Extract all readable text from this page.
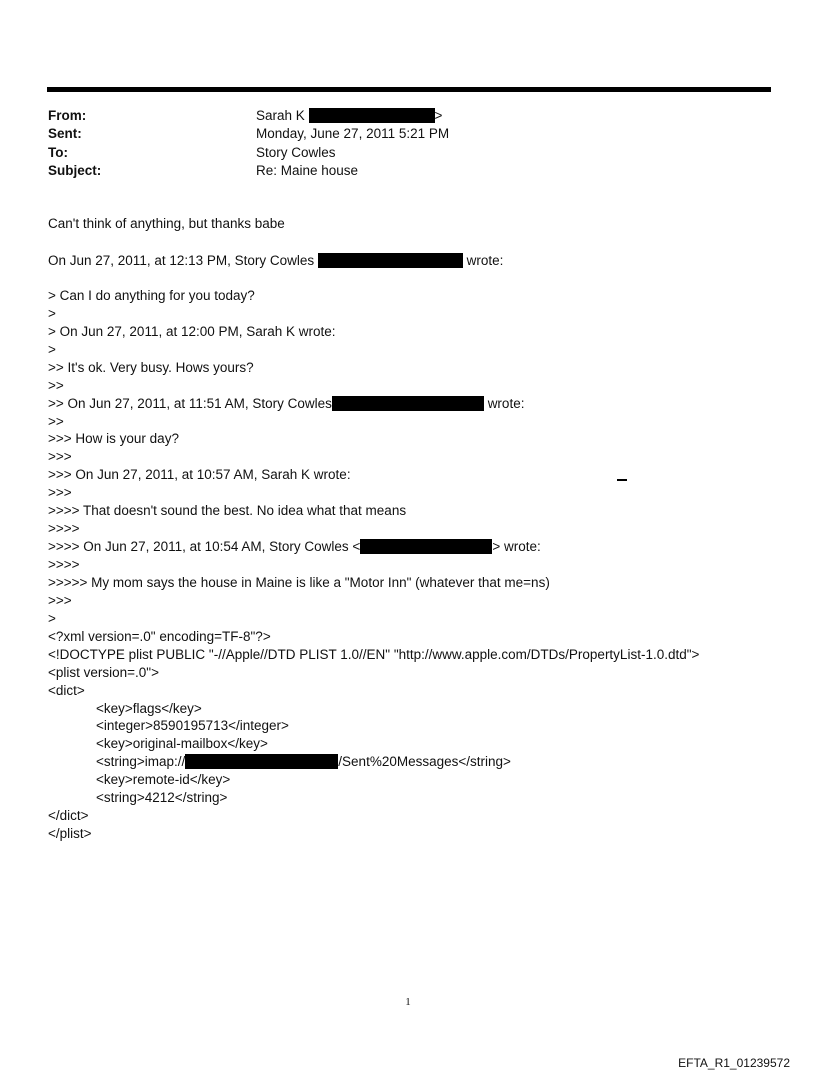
From:	Sarah K	>
Sent:	Monday, June 27, 2011 5:21 PM
To:	Story Cowles
Subject:	Re: Maine house
Can't think of anything, but thanks babe
On Jun 27, 2011, at 12:13 PM, Story Cowles	wrote:
> Can I do anything for you today?
>
> On Jun 27, 2011, at 12:00 PM, Sarah K wrote:
>
>> It's ok. Very busy. Hows yours?
>>
>> On Jun 27, 2011, at 11:51 AM, Story Cowles	wrote:
>>
>>> How is your day?
>>>
>>> On Jun 27, 2011, at 10:57 AM, Sarah K wrote:
>>>
>>>> That doesn't sound the best. No idea what that means
>>>>
>>>> On Jun 27, 2011, at 10:54 AM, Story Cowles <	> wrote:
>>>>
>>>>> My mom says the house in Maine is like a "Motor Inn" (whatever that me=ns)
>>>
>
<?xml version=.0" encoding=TF-8"?>
<!DOCTYPE plist PUBLIC "-//Apple//DTD PLIST 1.0//EN" "http://www.apple.com/DTDs/PropertyList-1.0.dtd">
<plist version=.0">
<dict>
<key>flags</key>
<integer>8590195713</integer>
<key>original-mailbox</key>
<string>imap://	/Sent%20Messages</string>
<key>remote-id</key>
<string>4212</string>
</dict>
</plist>
1
EFTA_R1_01239572
